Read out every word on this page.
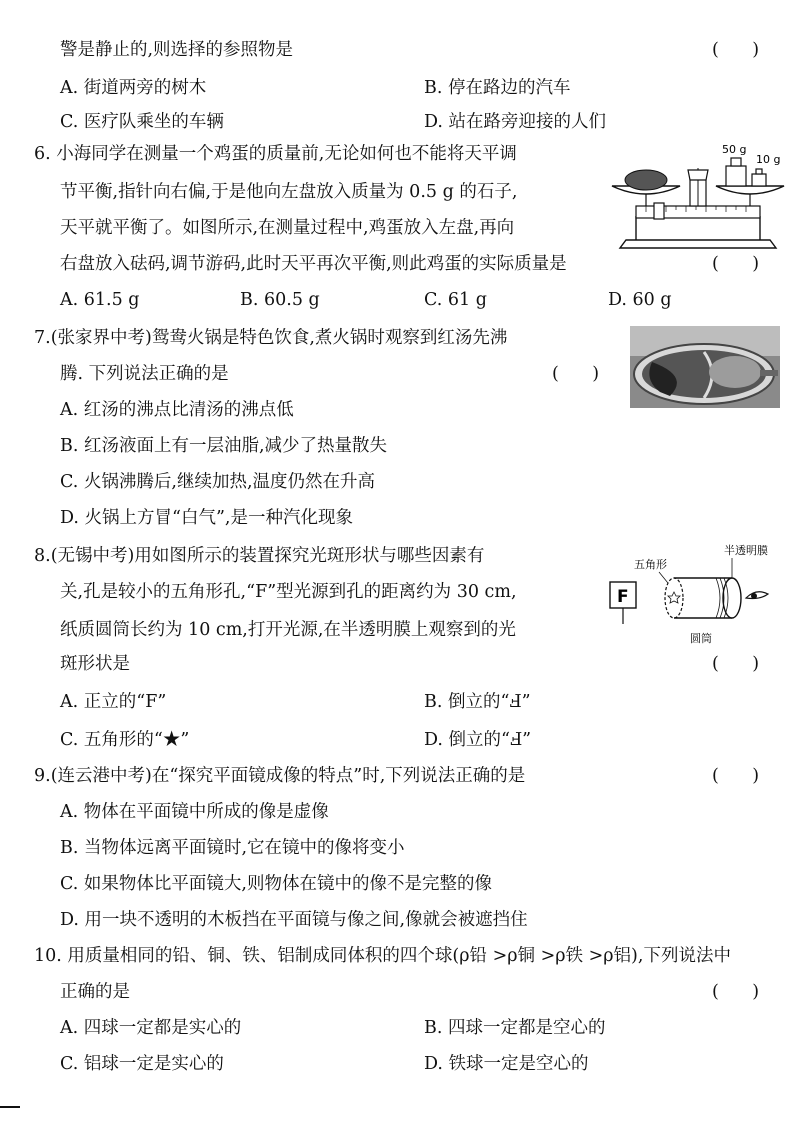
警是静止的,则选择的参照物是	(      )
A. 街道两旁的树木	B. 停在路边的汽车
C. 医疗队乘坐的车辆	D. 站在路旁迎接的人们
6. 小海同学在测量一个鸡蛋的质量前,无论如何也不能将天平调
节平衡,指针向右偏,于是他向左盘放入质量为 0.5 g 的石子,
天平就平衡了。如图所示,在测量过程中,鸡蛋放入左盘,再向
右盘放入砝码,调节游码,此时天平再次平衡,则此鸡蛋的实际质量是	(      )
A. 61.5 g	B. 60.5 g	C. 61 g	D. 60 g
50 g
10 g
7.(张家界中考)鸳鸯火锅是特色饮食,煮火锅时观察到红汤先沸
腾. 下列说法正确的是	(      )
A. 红汤的沸点比清汤的沸点低
B. 红汤液面上有一层油脂,减少了热量散失
C. 火锅沸腾后,继续加热,温度仍然在升高
D. 火锅上方冒“白气”,是一种汽化现象
8.(无锡中考)用如图所示的装置探究光斑形状与哪些因素有
关,孔是较小的五角形孔,“F”型光源到孔的距离约为 30 cm,
纸质圆筒长约为 10 cm,打开光源,在半透明膜上观察到的光
斑形状是	(      )
A. 正立的“F”	B. 倒立的“Ⅎ”
C. 五角形的“★”	D. 倒立的“Ⅎ”
五角形
半透明膜
圆筒
F
9.(连云港中考)在“探究平面镜成像的特点”时,下列说法正确的是	(      )
A. 物体在平面镜中所成的像是虚像
B. 当物体远离平面镜时,它在镜中的像将变小
C. 如果物体比平面镜大,则物体在镜中的像不是完整的像
D. 用一块不透明的木板挡在平面镜与像之间,像就会被遮挡住
10. 用质量相同的铅、铜、铁、铝制成同体积的四个球(ρ铅 >ρ铜 >ρ铁 >ρ铝),下列说法中
正确的是	(      )
A. 四球一定都是实心的	B. 四球一定都是空心的
C. 铝球一定是实心的	D. 铁球一定是空心的
